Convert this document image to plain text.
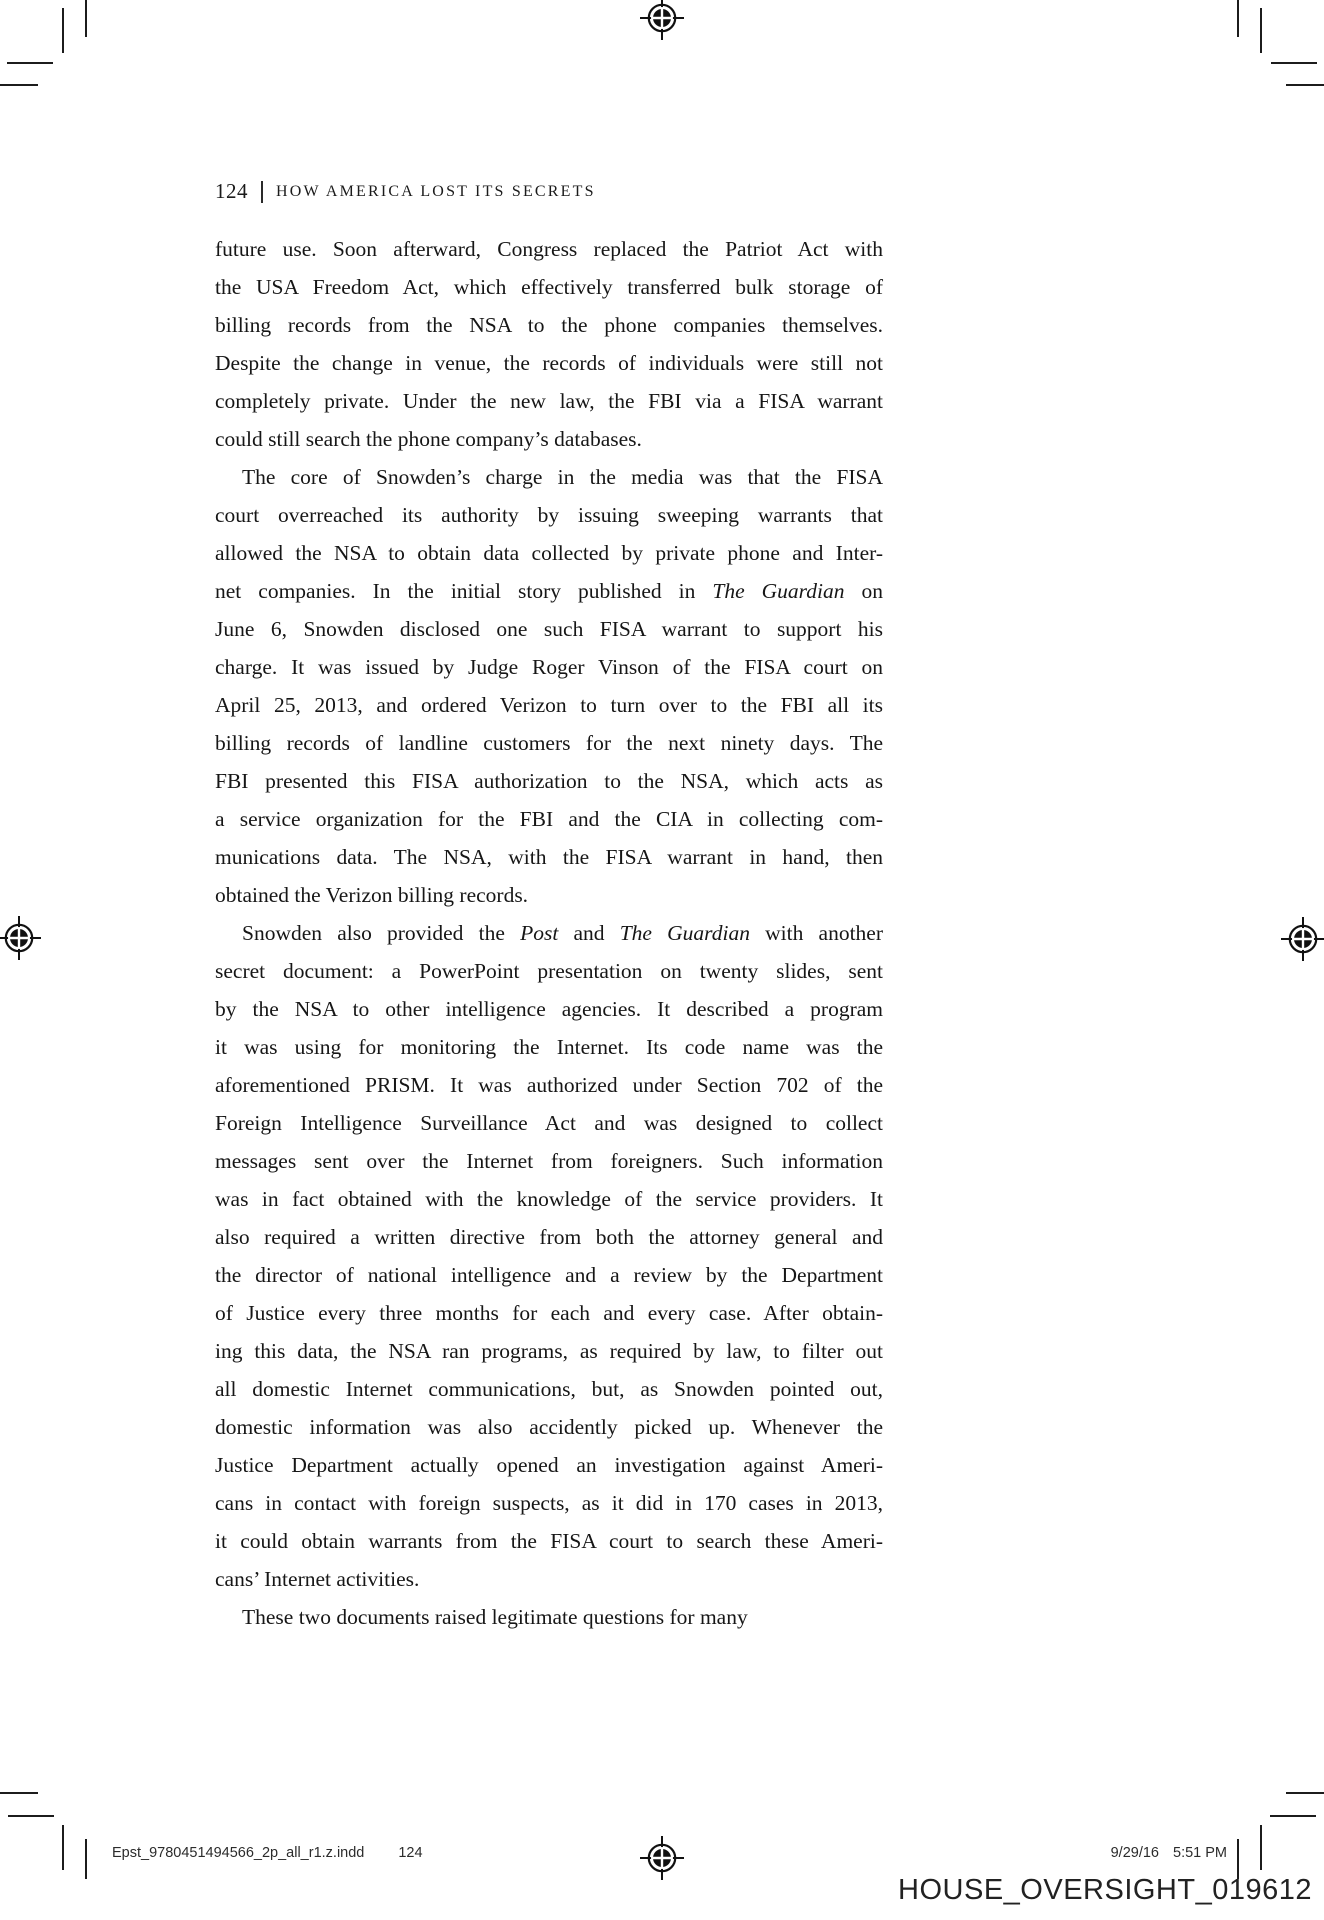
124 HOW AMERICA LOST ITS SECRETS
future use. Soon afterward, Congress replaced the Patriot Act with
the USA Freedom Act, which effectively transferred bulk storage of
billing records from the NSA to the phone companies themselves.
Despite the change in venue, the records of individuals were still not
completely private. Under the new law, the FBI via a FISA warrant
could still search the phone company’s databases.
The core of Snowden’s charge in the media was that the FISA
court overreached its authority by issuing sweeping warrants that
allowed the NSA to obtain data collected by private phone and Inter-
net companies. In the initial story published in The Guardian on
June 6, Snowden disclosed one such FISA warrant to support his
charge. It was issued by Judge Roger Vinson of the FISA court on
April 25, 2013, and ordered Verizon to turn over to the FBI all its
billing records of landline customers for the next ninety days. The
FBI presented this FISA authorization to the NSA, which acts as
a service organization for the FBI and the CIA in collecting com-
munications data. The NSA, with the FISA warrant in hand, then
obtained the Verizon billing records.
Snowden also provided the Post and The Guardian with another
secret document: a PowerPoint presentation on twenty slides, sent
by the NSA to other intelligence agencies. It described a program
it was using for monitoring the Internet. Its code name was the
aforementioned PRISM. It was authorized under Section 702 of the
Foreign Intelligence Surveillance Act and was designed to collect
messages sent over the Internet from foreigners. Such information
was in fact obtained with the knowledge of the service providers. It
also required a written directive from both the attorney general and
the director of national intelligence and a review by the Department
of Justice every three months for each and every case. After obtain-
ing this data, the NSA ran programs, as required by law, to filter out
all domestic Internet communications, but, as Snowden pointed out,
domestic information was also accidently picked up. Whenever the
Justice Department actually opened an investigation against Ameri-
cans in contact with foreign suspects, as it did in 170 cases in 2013,
it could obtain warrants from the FISA court to search these Ameri-
cans’ Internet activities.
These two documents raised legitimate questions for many
Epst_9780451494566_2p_all_r1.z.indd 124	9/29/16 5:51 PM
HOUSE_OVERSIGHT_019612
